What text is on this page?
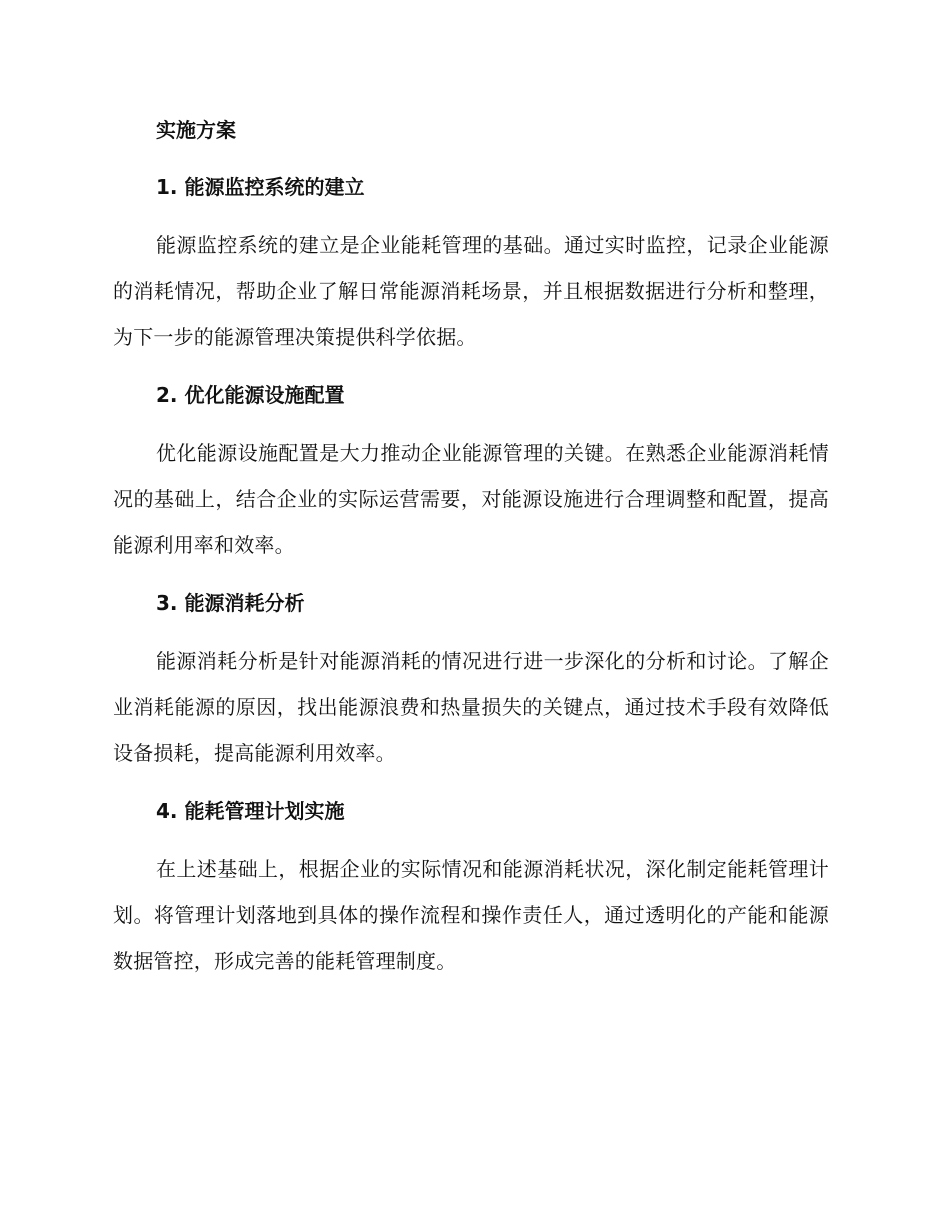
实施方案
1. 能源监控系统的建立

能源监控系统的建立是企业能耗管理的基础。通过实时监控，记录企业能源的消耗情况，帮助企业了解日常能源消耗场景，并且根据数据进行分析和整理，为下一步的能源管理决策提供科学依据。

2. 优化能源设施配置

优化能源设施配置是大力推动企业能源管理的关键。在熟悉企业能源消耗情况的基础上，结合企业的实际运营需要，对能源设施进行合理调整和配置，提高能源利用率和效率。

3. 能源消耗分析

能源消耗分析是针对能源消耗的情况进行进一步深化的分析和讨论。了解企业消耗能源的原因，找出能源浪费和热量损失的关键点，通过技术手段有效降低设备损耗，提高能源利用效率。

4. 能耗管理计划实施

在上述基础上，根据企业的实际情况和能源消耗状况，深化制定能耗管理计划。将管理计划落地到具体的操作流程和操作责任人，通过透明化的产能和能源数据管控，形成完善的能耗管理制度。
